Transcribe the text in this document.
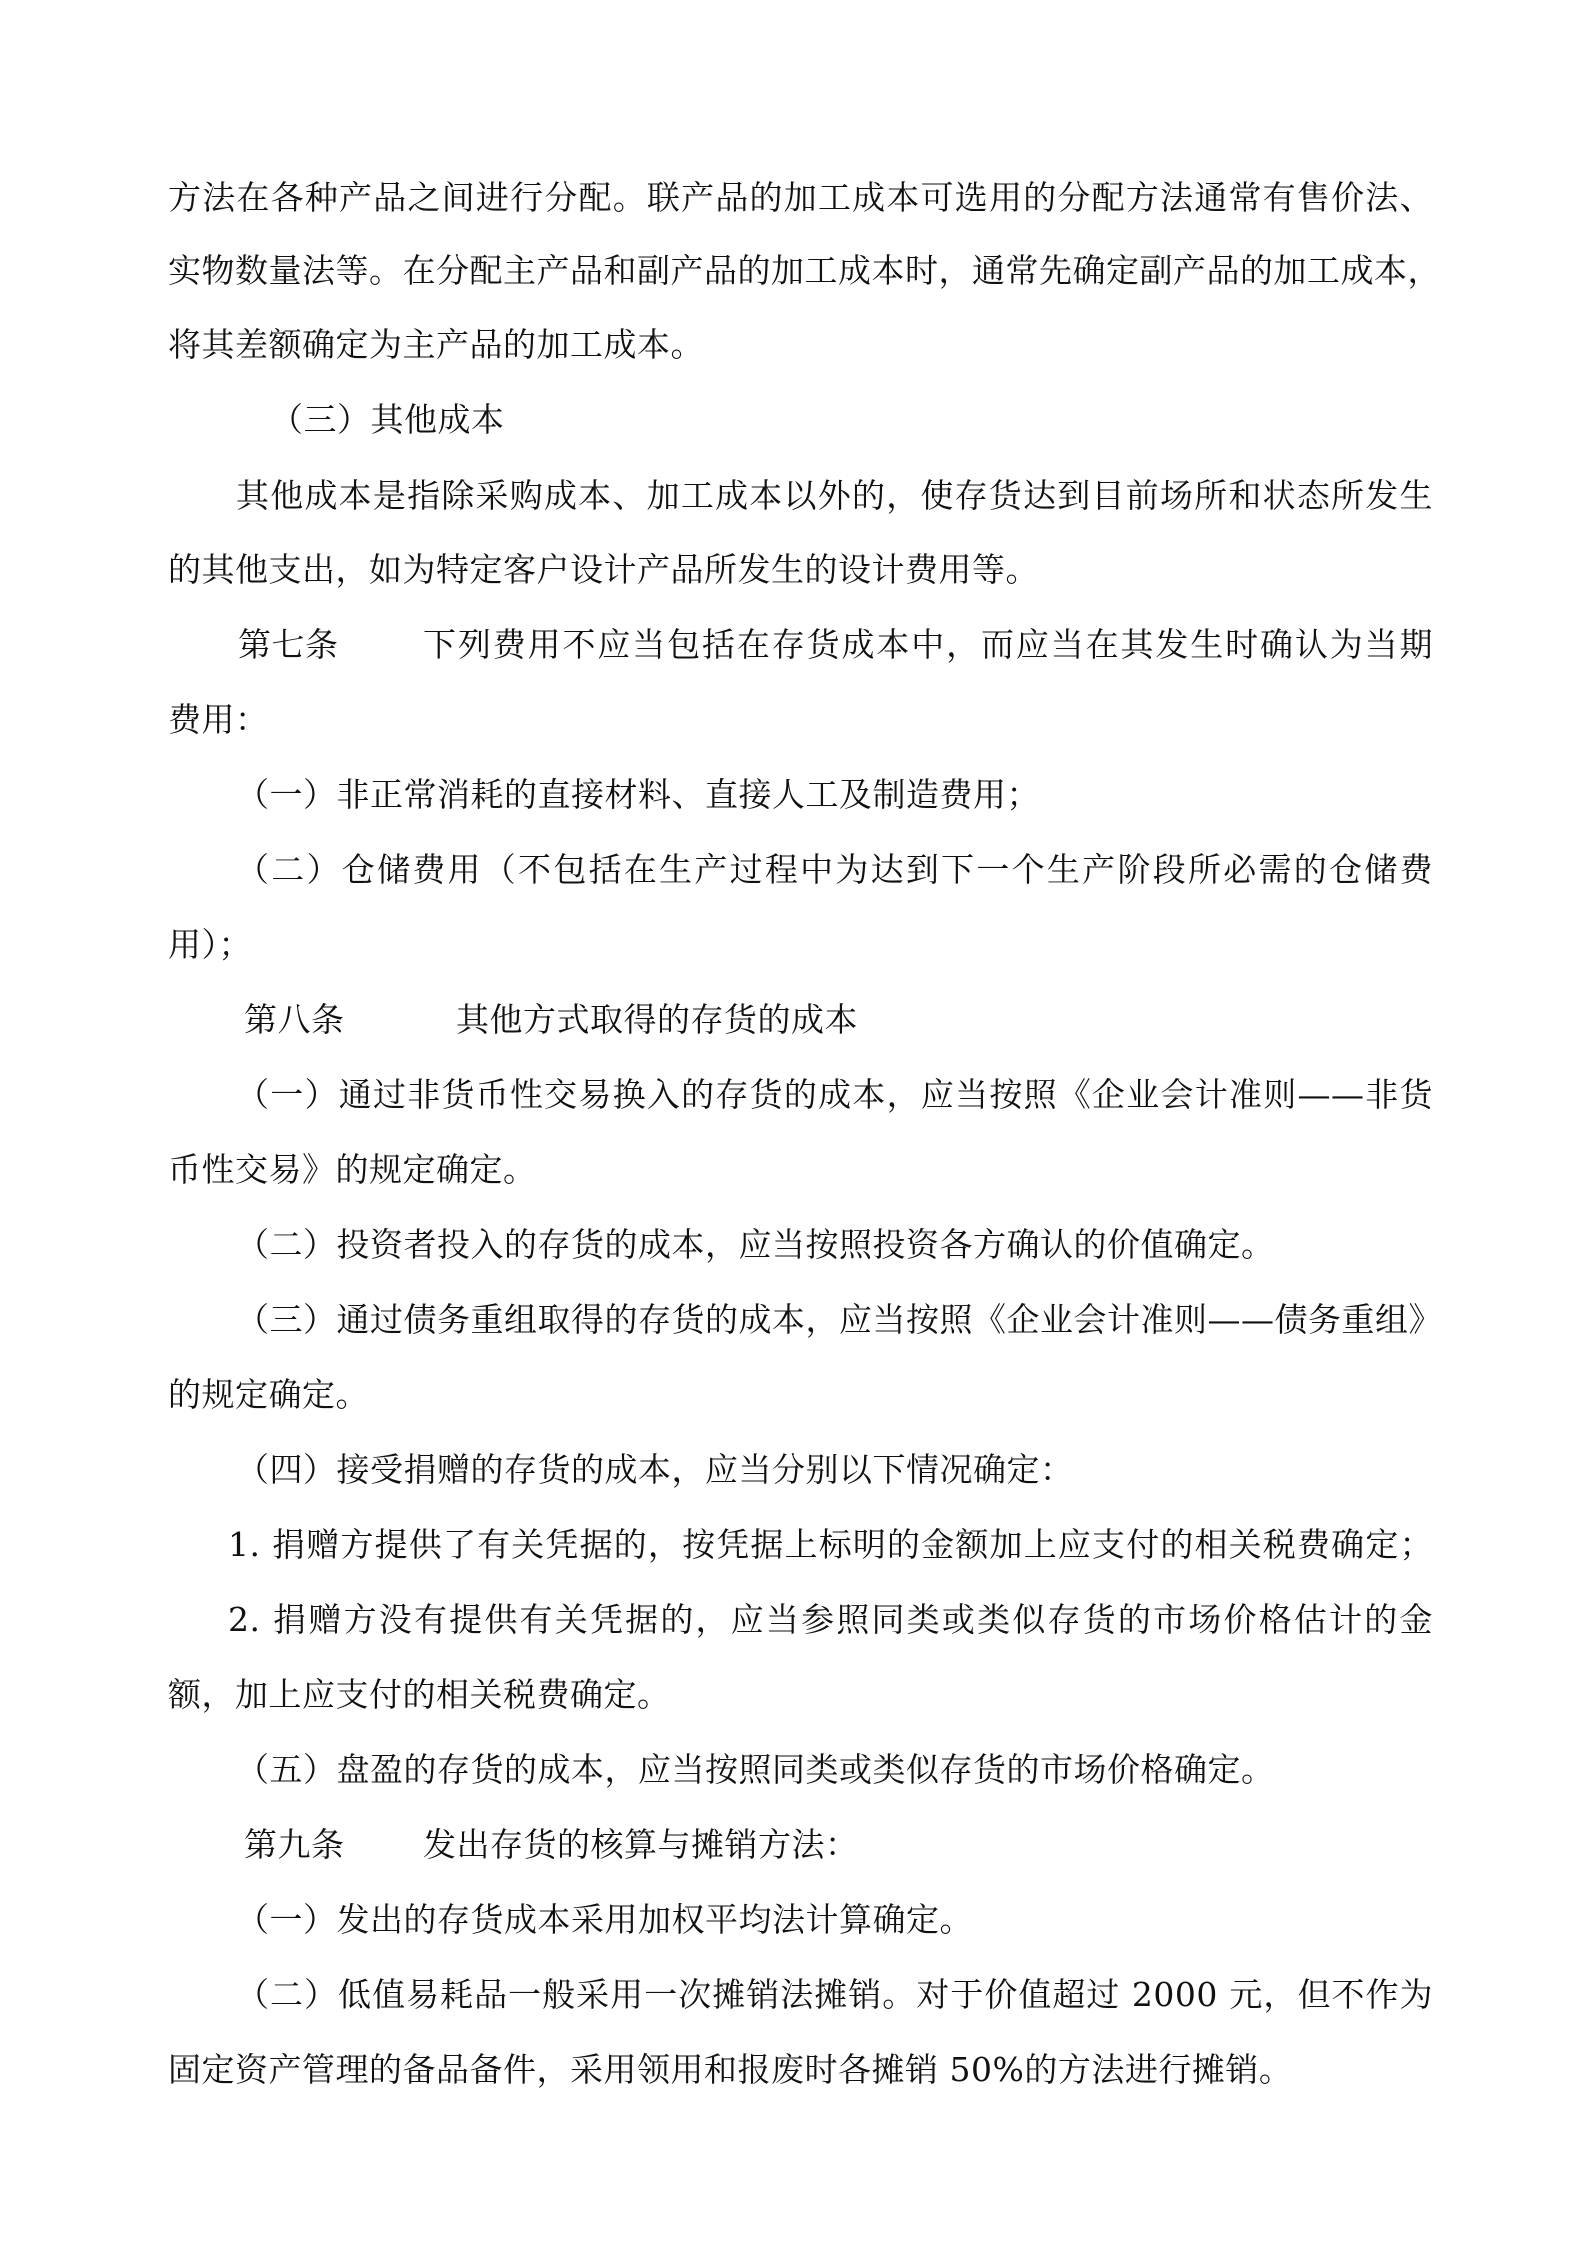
方法在各种产品之间进行分配。联产品的加工成本可选用的分配方法通常有售价法、
实物数量法等。在分配主产品和副产品的加工成本时，通常先确定副产品的加工成本，
将其差额确定为主产品的加工成本。
（三）其他成本
其他成本是指除采购成本、加工成本以外的，使存货达到目前场所和状态所发生
的其他支出，如为特定客户设计产品所发生的设计费用等。
第七条	下列费用不应当包括在存货成本中，而应当在其发生时确认为当期
费用：
（一）非正常消耗的直接材料、直接人工及制造费用；
（二）仓储费用（不包括在生产过程中为达到下一个生产阶段所必需的仓储费
用）；
第八条	其他方式取得的存货的成本
（一）通过非货币性交易换入的存货的成本，应当按照《企业会计准则——非货
币性交易》的规定确定。
（二）投资者投入的存货的成本，应当按照投资各方确认的价值确定。
（三）通过债务重组取得的存货的成本，应当按照《企业会计准则——债务重组》
的规定确定。
（四）接受捐赠的存货的成本，应当分别以下情况确定：
1. 捐赠方提供了有关凭据的，按凭据上标明的金额加上应支付的相关税费确定；
2. 捐赠方没有提供有关凭据的，应当参照同类或类似存货的市场价格估计的金
额，加上应支付的相关税费确定。
（五）盘盈的存货的成本，应当按照同类或类似存货的市场价格确定。
第九条 发出存货的核算与摊销方法：
（一）发出的存货成本采用加权平均法计算确定。
（二）低值易耗品一般采用一次摊销法摊销。对于价值超过 2000 元，但不作为
固定资产管理的备品备件，采用领用和报废时各摊销 50%的方法进行摊销。
